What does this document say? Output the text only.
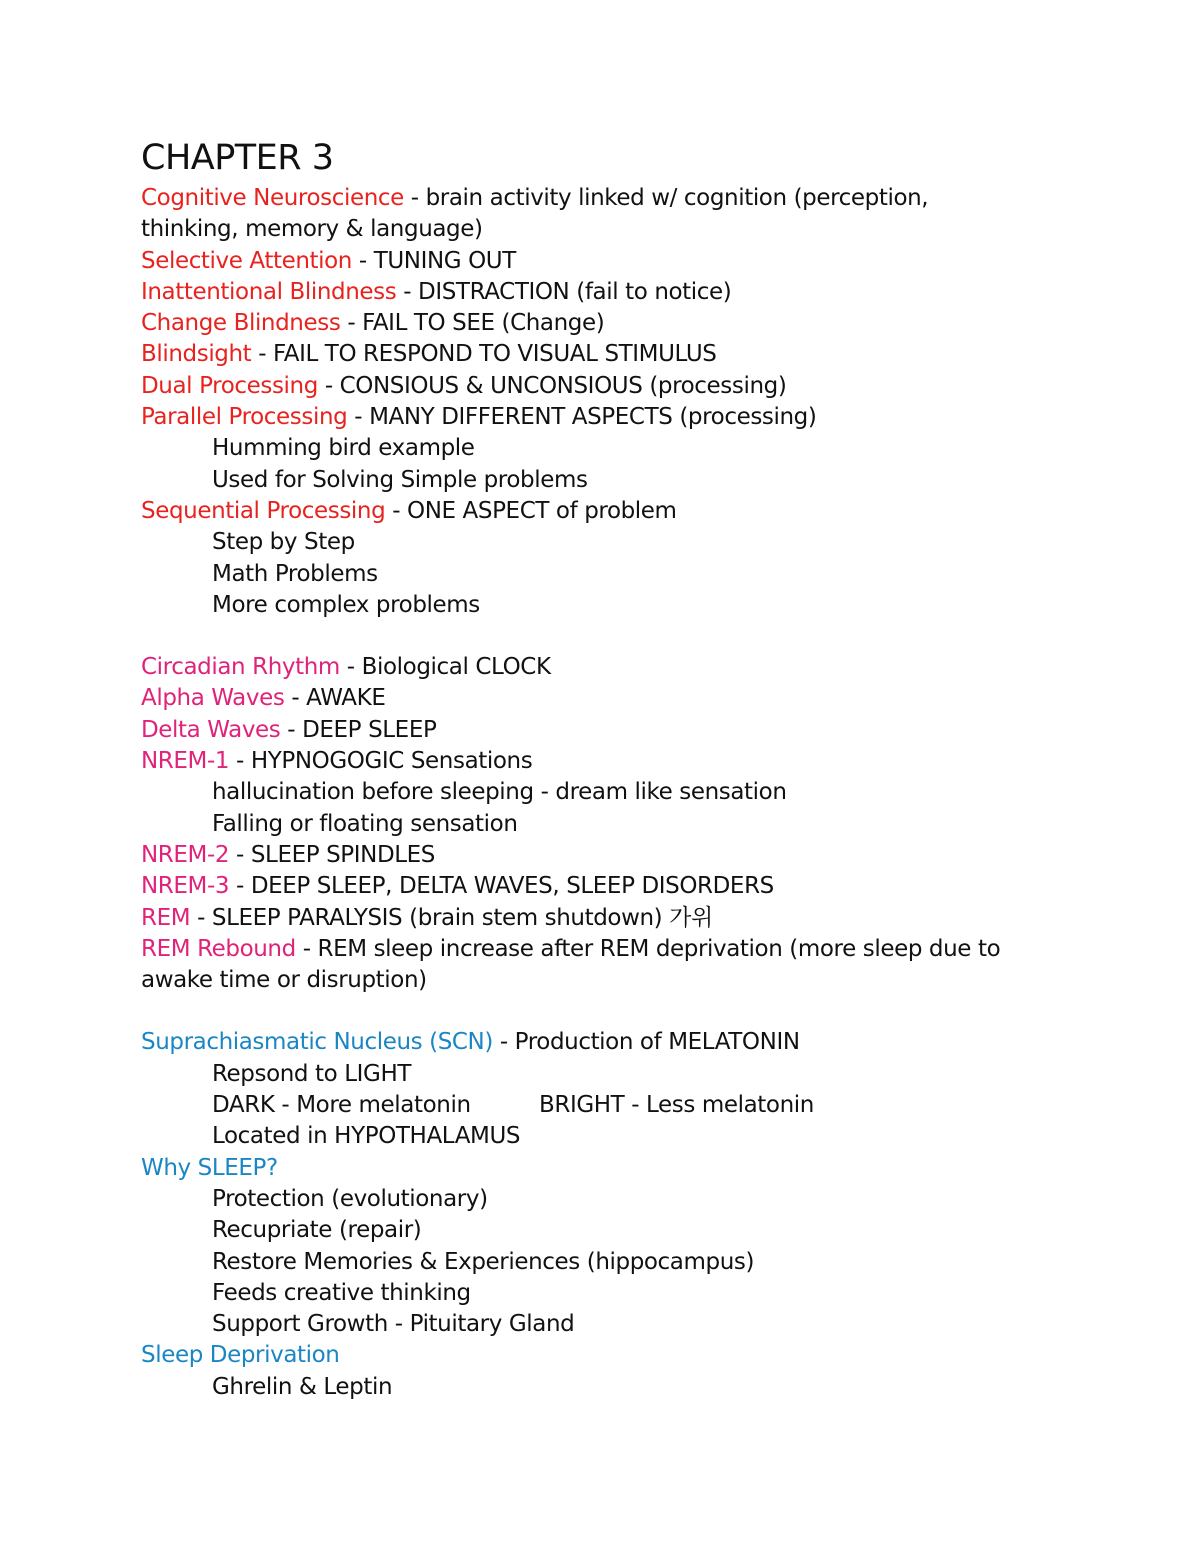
CHAPTER 3
Cognitive Neuroscience - brain activity linked w/ cognition (perception, thinking, memory & language)
Selective Attention - TUNING OUT
Inattentional Blindness - DISTRACTION (fail to notice)
Change Blindness - FAIL TO SEE (Change)
Blindsight - FAIL TO RESPOND TO VISUAL STIMULUS
Dual Processing - CONSIOUS & UNCONSIOUS (processing)
Parallel Processing - MANY DIFFERENT ASPECTS (processing)
Humming bird example
Used for Solving Simple problems
Sequential Processing - ONE ASPECT of problem
Step by Step
Math Problems
More complex problems
Circadian Rhythm - Biological CLOCK
Alpha Waves - AWAKE
Delta Waves - DEEP SLEEP
NREM-1 - HYPNOGOGIC Sensations
hallucination before sleeping - dream like sensation
Falling or floating sensation
NREM-2 - SLEEP SPINDLES
NREM-3 - DEEP SLEEP, DELTA WAVES, SLEEP DISORDERS
REM - SLEEP PARALYSIS (brain stem shutdown) 가위
REM Rebound - REM sleep increase after REM deprivation (more sleep due to awake time or disruption)
Suprachiasmatic Nucleus (SCN) - Production of MELATONIN
Repsond to LIGHT
DARK - More melatonin	BRIGHT - Less melatonin
Located in HYPOTHALAMUS
Why SLEEP?
Protection (evolutionary)
Recupriate (repair)
Restore Memories & Experiences (hippocampus)
Feeds creative thinking
Support Growth - Pituitary Gland
Sleep Deprivation
Ghrelin & Leptin
